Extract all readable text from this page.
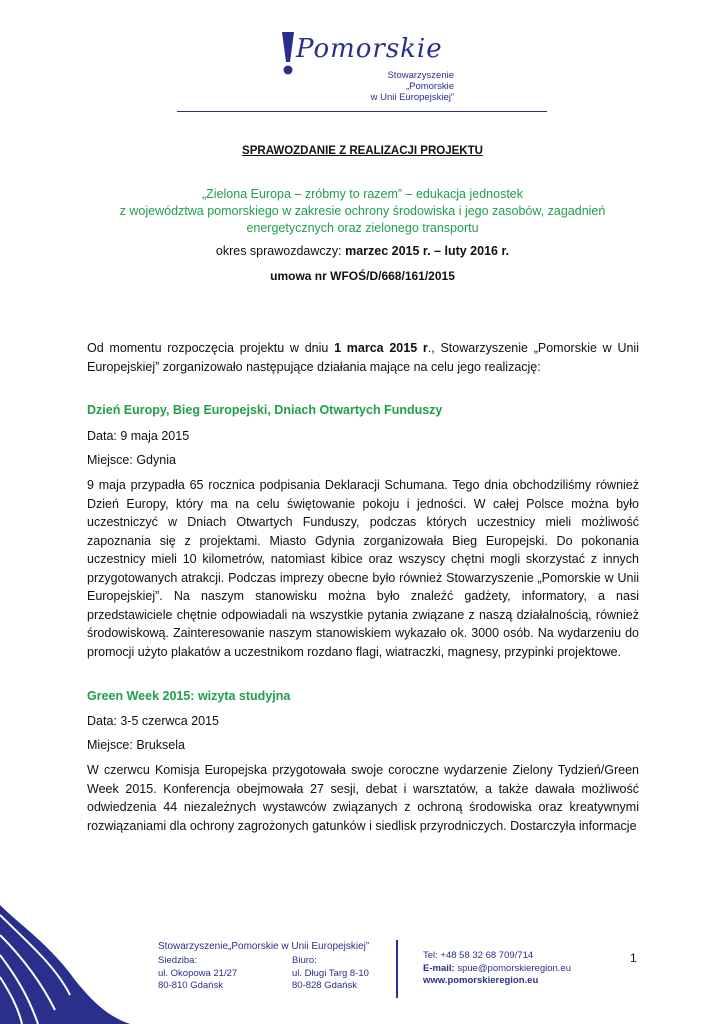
Pomorskie
Stowarzyszenie
„Pomorskie
w Unii Europejskiej”
SPRAWOZDANIE Z REALIZACJI PROJEKTU
„Zielona Europa – zróbmy to razem” – edukacja jednostek
z województwa pomorskiego w zakresie ochrony środowiska i jego zasobów, zagadnień
energetycznych oraz zielonego transportu
okres sprawozdawczy: marzec 2015 r. – luty 2016 r.
umowa nr WFOŚ/D/668/161/2015
Od momentu rozpoczęcia projektu w dniu 1 marca 2015 r., Stowarzyszenie „Pomorskie w Unii Europejskiej” zorganizowało następujące działania mające na celu jego realizację:
Dzień Europy, Bieg Europejski, Dniach Otwartych Funduszy
Data: 9 maja 2015
Miejsce: Gdynia
9 maja przypadła 65 rocznica podpisania Deklaracji Schumana. Tego dnia obchodziliśmy również Dzień Europy, który ma na celu świętowanie pokoju i jedności. W całej Polsce można było uczestniczyć w Dniach Otwartych Funduszy, podczas których uczestnicy mieli możliwość zapoznania się z projektami. Miasto Gdynia zorganizowała Bieg Europejski. Do pokonania uczestnicy mieli 10 kilometrów, natomiast kibice oraz wszyscy chętni mogli skorzystać z innych przygotowanych atrakcji. Podczas imprezy obecne było również Stowarzyszenie „Pomorskie w Unii Europejskiej”. Na naszym stanowisku można było znaleźć gadżety, informatory, a nasi przedstawiciele chętnie odpowiadali na wszystkie pytania związane z naszą działalnością, również środowiskową. Zainteresowanie naszym stanowiskiem wykazało ok. 3000 osób. Na wydarzeniu do promocji użyto plakatów a uczestnikom rozdano flagi, wiatraczki, magnesy, przypinki projektowe.
Green Week 2015: wizyta studyjna
Data: 3-5 czerwca 2015
Miejsce: Bruksela
W czerwcu Komisja Europejska przygotowała swoje coroczne wydarzenie Zielony Tydzień/Green Week 2015. Konferencja obejmowała 27 sesji, debat i warsztatów, a także dawała możliwość odwiedzenia 44 niezależnych wystawców związanych z ochroną środowiska oraz kreatywnymi rozwiązaniami dla ochrony zagrożonych gatunków i siedlisk przyrodniczych. Dostarczyła informacje
Stowarzyszenie„Pomorskie w Unii Europejskiej”
Siedziba:
ul. Okopowa 21/27
80-810 Gdańsk
Biuro:
ul. Długi Targ 8-10
80-828 Gdańsk
Tel: +48 58 32 68 709/714
E-mail: spue@pomorskieregion.eu
www.pomorskieregion.eu
1
